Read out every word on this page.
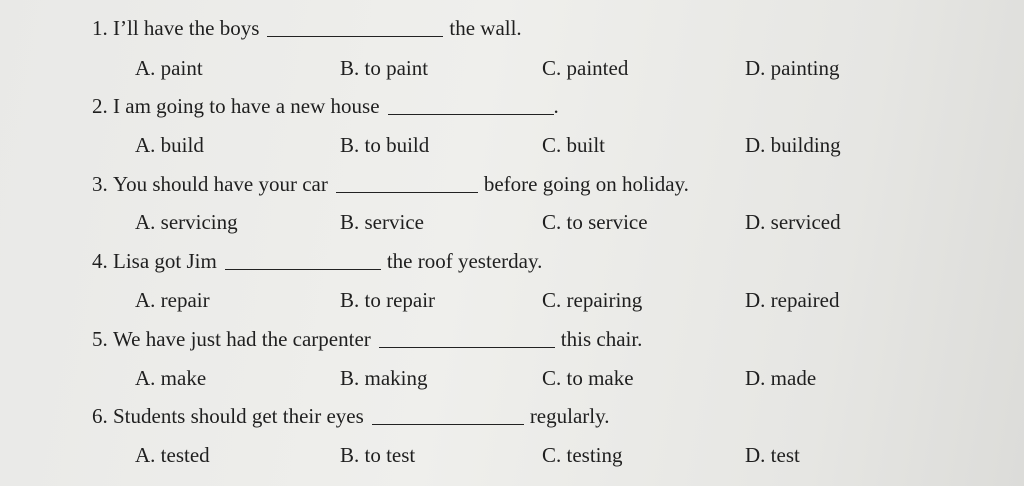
1.
I’ll have the boys	the wall.
A. paint	B. to paint	C. painted	D. painting
2.
I am going to have a new house	.
A. build	B. to build	C. built	D. building
3.
You should have your car	before going on holiday.
A. servicing	B. service	C. to service	D. serviced
4.
Lisa got Jim	the roof yesterday.
A. repair	B. to repair	C. repairing	D. repaired
5.
We have just had the carpenter	this chair.
A. make	B. making	C. to make	D. made
6.
Students should get their eyes	regularly.
A. tested	B. to test	C. testing	D. test
